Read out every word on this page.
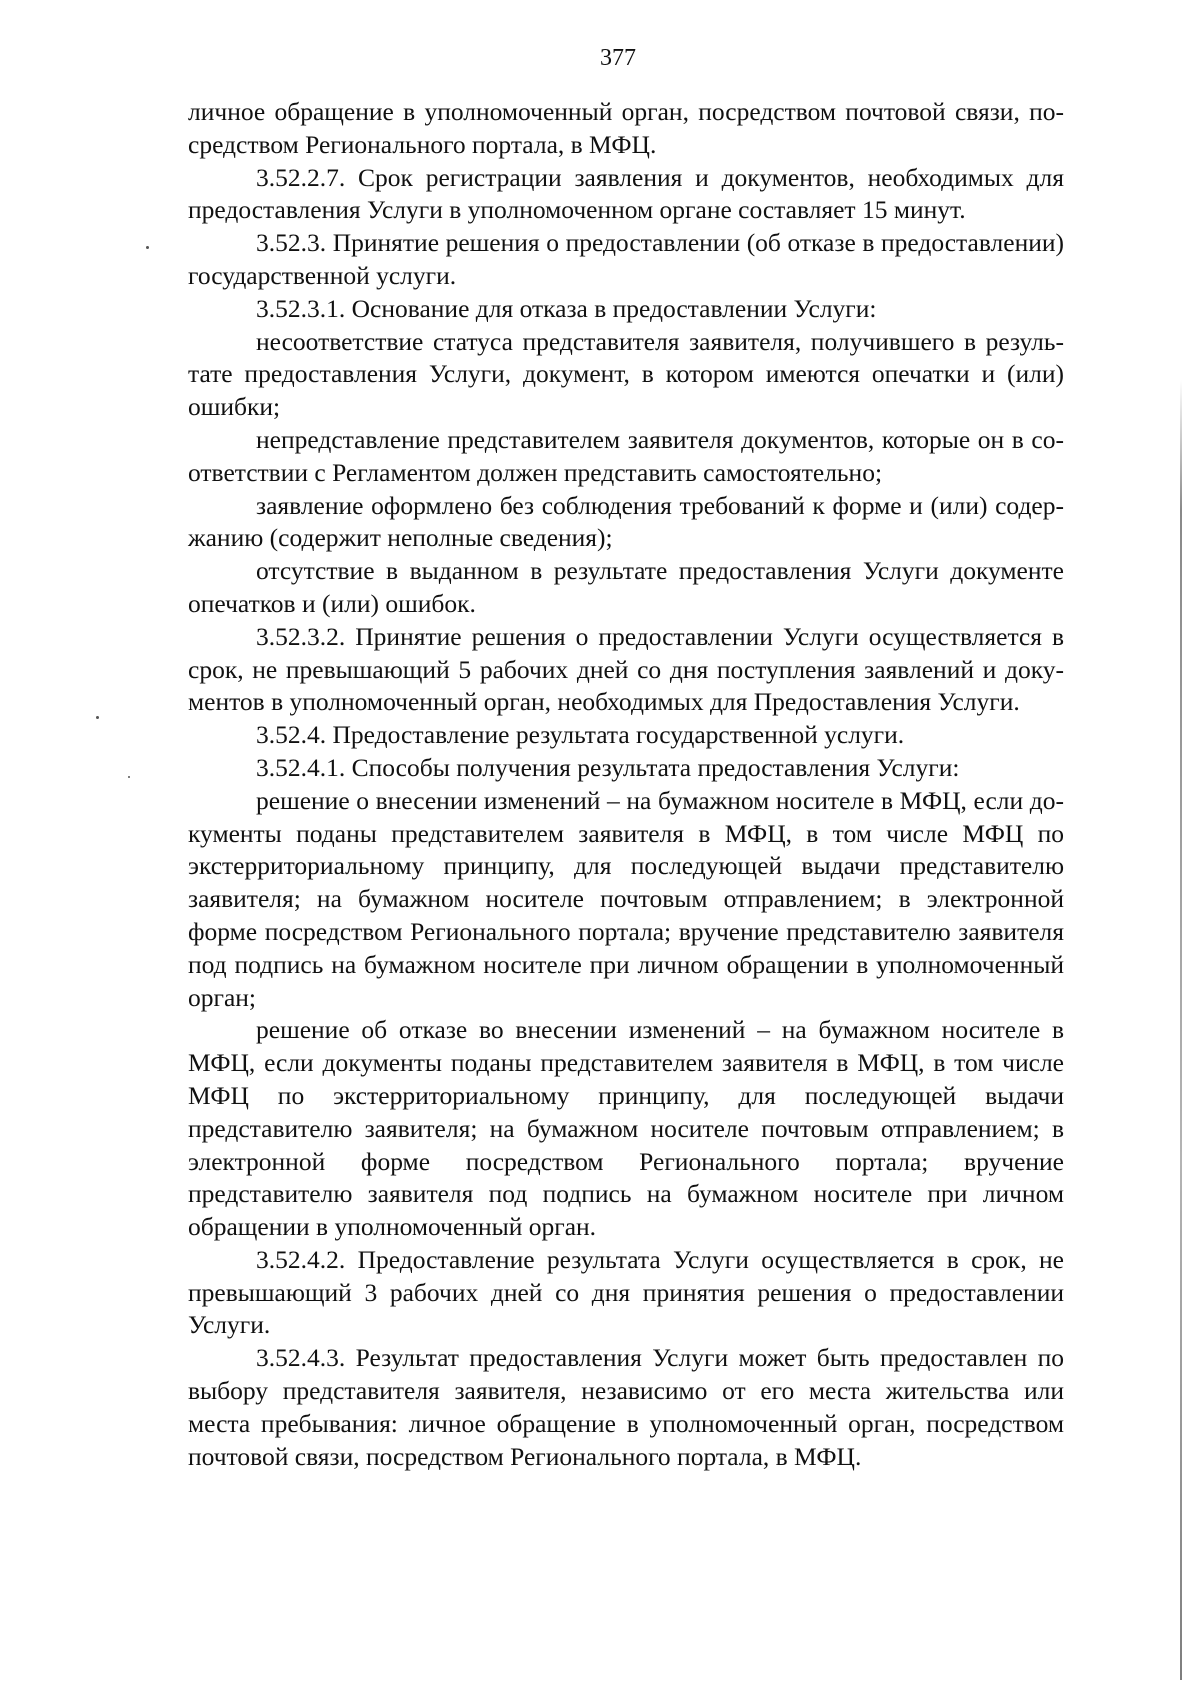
377

личное обращение в уполномоченный орган, посредством почтовой связи, посредством Регионального портала, в МФЦ.

3.52.2.7. Срок регистрации заявления и документов, необходимых для предоставления Услуги в уполномоченном органе составляет 15 минут.

3.52.3. Принятие решения о предоставлении (об отказе в предоставлении) государственной услуги.

3.52.3.1. Основание для отказа в предоставлении Услуги:

несоответствие статуса представителя заявителя, получившего в результате предоставления Услуги, документ, в котором имеются опечатки и (или) ошибки;

непредставление представителем заявителя документов, которые он в соответствии с Регламентом должен представить самостоятельно;

заявление оформлено без соблюдения требований к форме и (или) содержанию (содержит неполные сведения);

отсутствие в выданном в результате предоставления Услуги документе опечатков и (или) ошибок.

3.52.3.2. Принятие решения о предоставлении Услуги осуществляется в срок, не превышающий 5 рабочих дней со дня поступления заявлений и документов в уполномоченный орган, необходимых для Предоставления Услуги.

3.52.4. Предоставление результата государственной услуги.

3.52.4.1. Способы получения результата предоставления Услуги:

решение о внесении изменений – на бумажном носителе в МФЦ, если документы поданы представителем заявителя в МФЦ, в том числе МФЦ по экстерриториальному принципу, для последующей выдачи представителю заявителя; на бумажном носителе почтовым отправлением; в электронной форме посредством Регионального портала; вручение представителю заявителя под подпись на бумажном носителе при личном обращении в уполномоченный орган;

решение об отказе во внесении изменений – на бумажном носителе в МФЦ, если документы поданы представителем заявителя в МФЦ, в том числе МФЦ по экстерриториальному принципу, для последующей выдачи представителю заявителя; на бумажном носителе почтовым отправлением; в электронной форме посредством Регионального портала; вручение представителю заявителя под подпись на бумажном носителе при личном обращении в уполномоченный орган.

3.52.4.2. Предоставление результата Услуги осуществляется в срок, не превышающий 3 рабочих дней со дня принятия решения о предоставлении Услуги.

3.52.4.3. Результат предоставления Услуги может быть предоставлен по выбору представителя заявителя, независимо от его места жительства или места пребывания: личное обращение в уполномоченный орган, посредством почтовой связи, посредством Регионального портала, в МФЦ.
